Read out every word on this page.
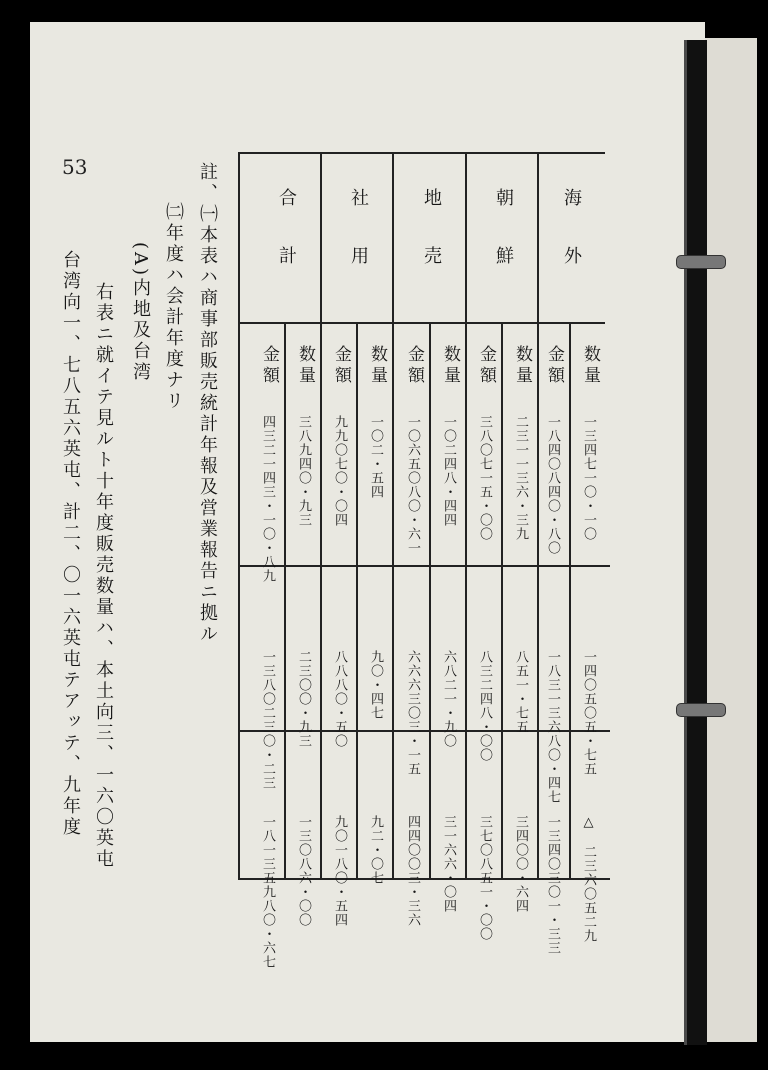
53
海外
数量
一三四七一〇・一〇
一四〇五〇五・七五
△　二三六〇五二九
金額
一八四〇八四〇・八〇
一八三一三六八〇・四七
一三四〇三〇一・三三
朝鮮
数量
二三一一三六・三九
八五一・七五
三四〇〇・六四
金額
三八〇七一五・〇〇
八三二四八・〇〇
三七〇八五一・〇〇
地売
数量
一〇二四八・四四
六八二一・九〇
三一六六・〇四
金額
一〇六五〇八〇・六一
六六六三〇三・一五
四四〇〇三・三六
社用
数量
一〇二・五四
九〇・四七
九二・〇七
金額
九九〇七〇・〇四
八八八〇・五〇
九〇一八〇・五四
合計
数量
三八九四〇・九三
二三〇〇・九三
一三〇八六・〇〇
金額
四三二一四三・一〇・八九
一三八〇二三〇・二三
一八一三五九八〇・六七
註、㈠本表ハ商事部販売統計年報及営業報告ニ拠ル
㈡年度ハ会計年度ナリ
(A)内地及台湾
右表ニ就イテ見ルト十年度販売数量ハ、本土向三、一六〇英屯
台湾向一、七八五六英屯、計二、〇一六英屯テアッテ、九年度
